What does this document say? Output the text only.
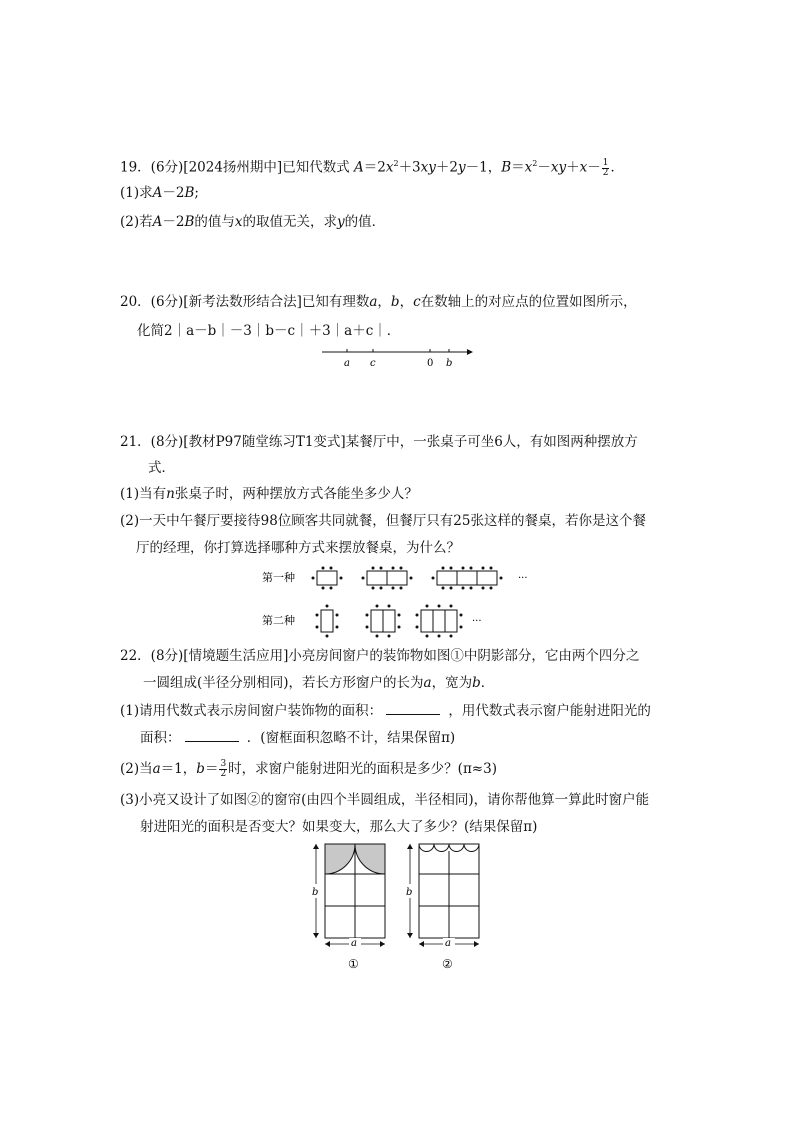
19．(6分)[2024扬州期中]已知代数式 $A=2x^2+3xy+2y-1$，$B=x^2-xy+x- \frac{1}{2}$ ．
(1)求A－2B;
(2)若A－2B的值与x的取值无关，求y的值．
20．(6分)[新考法数形结合法]已知有理数a，b，c在数轴上的对应点的位置如图所示，
化简2｜a－b｜－3｜b－c｜＋3｜a＋c｜．
a c	0 b
21．(8分)[教材P97随堂练习T1变式]某餐厅中，一张桌子可坐6人，有如图两种摆放方
式．
(1)当有n张桌子时，两种摆放方式各能坐多少人？
(2)一天中午餐厅要接待98位顾客共同就餐，但餐厅只有25张这样的餐桌，若你是这个餐
厅的经理，你打算选择哪种方式来摆放餐桌，为什么？
第一种
第二种
···
···
22．(8分)[情境题生活应用]小亮房间窗户的装饰物如图①中阴影部分，它由两个四分之
一圆组成(半径分别相同)，若长方形窗户的长为a，宽为b．
(1)请用代数式表示房间窗户装饰物的面积：	，用代数式表示窗户能射进阳光的
面积：	．(窗框面积忽略不计，结果保留π)
(2)当a＝1，$b= \frac{3}{2}$ 时，求窗户能射进阳光的面积是多少？(π≈3)
(3)小亮又设计了如图②的窗帘(由四个半圆组成，半径相同)，请你帮他算一算此时窗户能
射进阳光的面积是否变大？如果变大，那么大了多少？(结果保留π)
b
a
①
b
a
②
